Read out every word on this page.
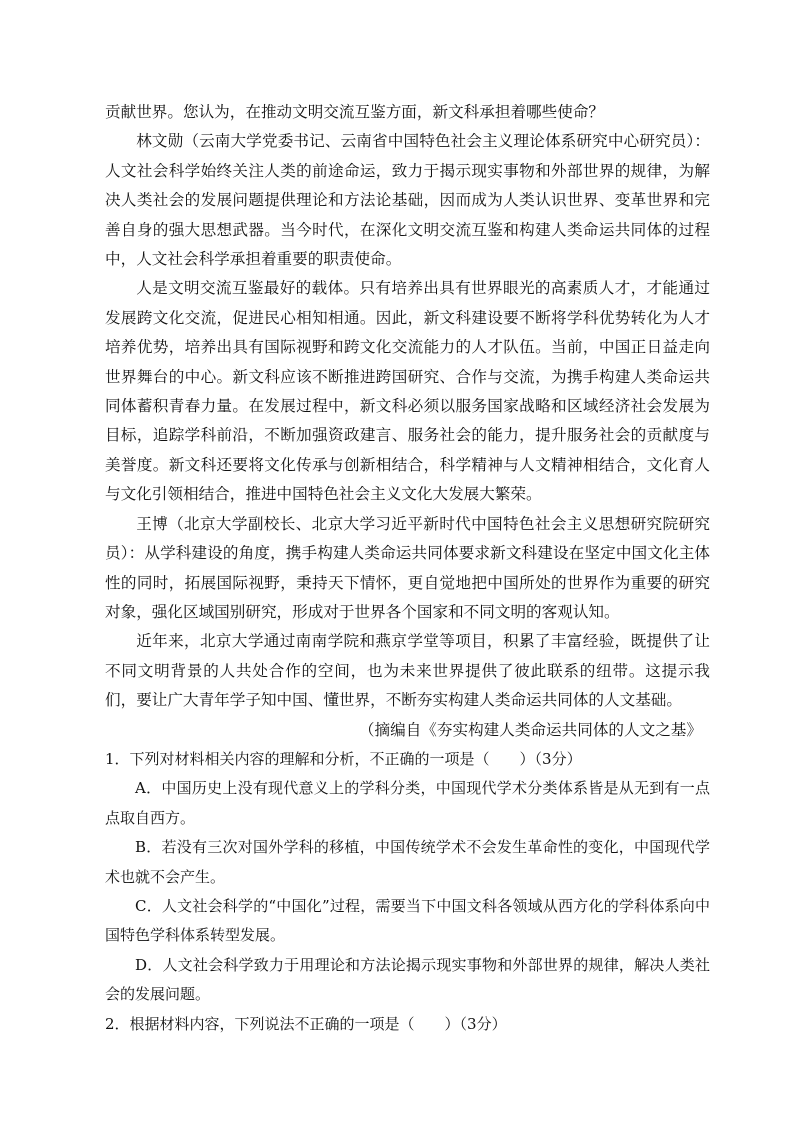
贡献世界。您认为，在推动文明交流互鉴方面，新文科承担着哪些使命？

林文勋（云南大学党委书记、云南省中国特色社会主义理论体系研究中心研究员）：人文社会科学始终关注人类的前途命运，致力于揭示现实事物和外部世界的规律，为解决人类社会的发展问题提供理论和方法论基础，因而成为人类认识世界、变革世界和完善自身的强大思想武器。当今时代，在深化文明交流互鉴和构建人类命运共同体的过程中，人文社会科学承担着重要的职责使命。

人是文明交流互鉴最好的载体。只有培养出具有世界眼光的高素质人才，才能通过发展跨文化交流，促进民心相知相通。因此，新文科建设要不断将学科优势转化为人才培养优势，培养出具有国际视野和跨文化交流能力的人才队伍。当前，中国正日益走向世界舞台的中心。新文科应该不断推进跨国研究、合作与交流，为携手构建人类命运共同体蓄积青春力量。在发展过程中，新文科必须以服务国家战略和区域经济社会发展为目标，追踪学科前沿，不断加强资政建言、服务社会的能力，提升服务社会的贡献度与美誉度。新文科还要将文化传承与创新相结合，科学精神与人文精神相结合，文化育人与文化引领相结合，推进中国特色社会主义文化大发展大繁荣。

王博（北京大学副校长、北京大学习近平新时代中国特色社会主义思想研究院研究员）：从学科建设的角度，携手构建人类命运共同体要求新文科建设在坚定中国文化主体性的同时，拓展国际视野，秉持天下情怀，更自觉地把中国所处的世界作为重要的研究对象，强化区域国别研究，形成对于世界各个国家和不同文明的客观认知。

近年来，北京大学通过南南学院和燕京学堂等项目，积累了丰富经验，既提供了让不同文明背景的人共处合作的空间，也为未来世界提供了彼此联系的纽带。这提示我们，要让广大青年学子知中国、懂世界，不断夯实构建人类命运共同体的人文基础。

（摘编自《夯实构建人类命运共同体的人文之基》

1．下列对材料相关内容的理解和分析，不正确的一项是（　　）（3分）

A．中国历史上没有现代意义上的学科分类，中国现代学术分类体系皆是从无到有一点点取自西方。

B．若没有三次对国外学科的移植，中国传统学术不会发生革命性的变化，中国现代学术也就不会产生。

C．人文社会科学的“中国化”过程，需要当下中国文科各领域从西方化的学科体系向中国特色学科体系转型发展。

D．人文社会科学致力于用理论和方法论揭示现实事物和外部世界的规律，解决人类社会的发展问题。

2．根据材料内容，下列说法不正确的一项是（　　）（3分）
